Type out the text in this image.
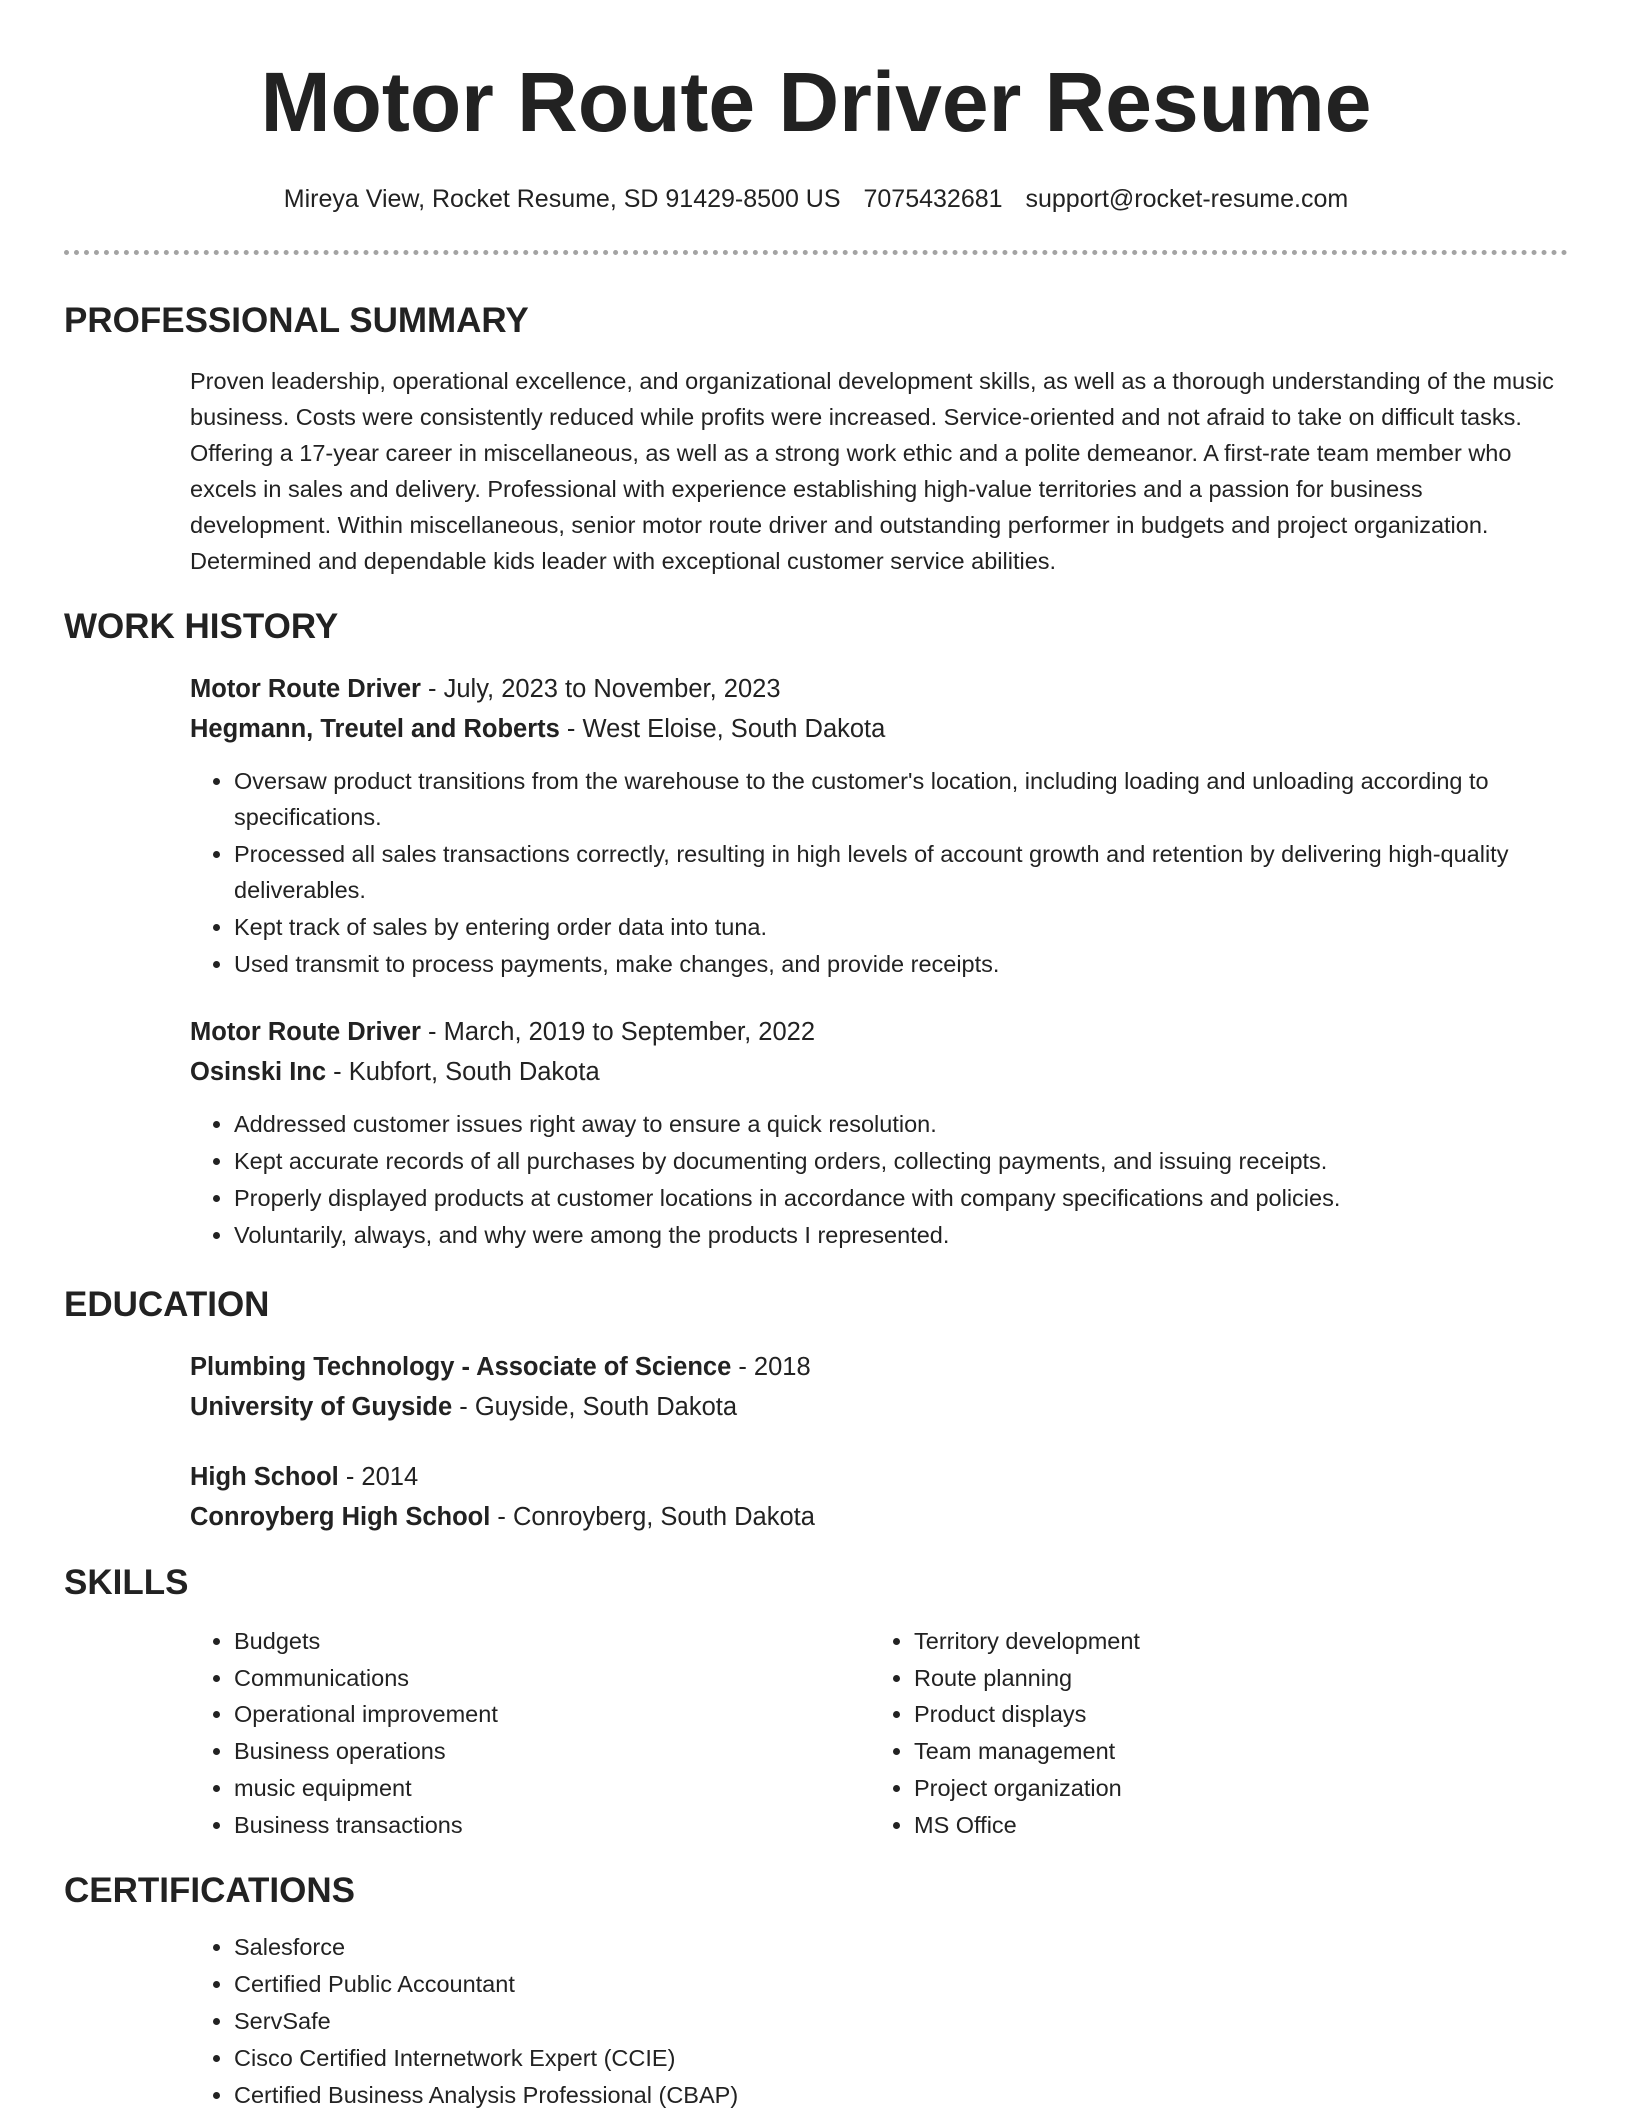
Motor Route Driver Resume
Mireya View, Rocket Resume, SD 91429-8500 US 7075432681 support@rocket-resume.com
PROFESSIONAL SUMMARY

Proven leadership, operational excellence, and organizational development skills, as well as a thorough understanding of the music business. Costs were consistently reduced while profits were increased. Service-oriented and not afraid to take on difficult tasks. Offering a 17-year career in miscellaneous, as well as a strong work ethic and a polite demeanor. A first-rate team member who excels in sales and delivery. Professional with experience establishing high-value territories and a passion for business development. Within miscellaneous, senior motor route driver and outstanding performer in budgets and project organization. Determined and dependable kids leader with exceptional customer service abilities.

WORK HISTORY
Motor Route Driver - July, 2023 to November, 2023
Hegmann, Treutel and Roberts - West Eloise, South Dakota
• Oversaw product transitions from the warehouse to the customer's location, including loading and unloading according to specifications.
• Processed all sales transactions correctly, resulting in high levels of account growth and retention by delivering high-quality deliverables.
• Kept track of sales by entering order data into tuna.
• Used transmit to process payments, make changes, and provide receipts.
Motor Route Driver - March, 2019 to September, 2022
Osinski Inc - Kubfort, South Dakota
• Addressed customer issues right away to ensure a quick resolution.
• Kept accurate records of all purchases by documenting orders, collecting payments, and issuing receipts.
• Properly displayed products at customer locations in accordance with company specifications and policies.
• Voluntarily, always, and why were among the products I represented.
EDUCATION
Plumbing Technology - Associate of Science - 2018
University of Guyside - Guyside, South Dakota
High School - 2014
Conroyberg High School - Conroyberg, South Dakota
SKILLS
• Budgets
• Communications
• Operational improvement
• Business operations
• music equipment
• Business transactions
• Territory development
• Route planning
• Product displays
• Team management
• Project organization
• MS Office
CERTIFICATIONS
• Salesforce
• Certified Public Accountant
• ServSafe
• Cisco Certified Internetwork Expert (CCIE)
• Certified Business Analysis Professional (CBAP)
